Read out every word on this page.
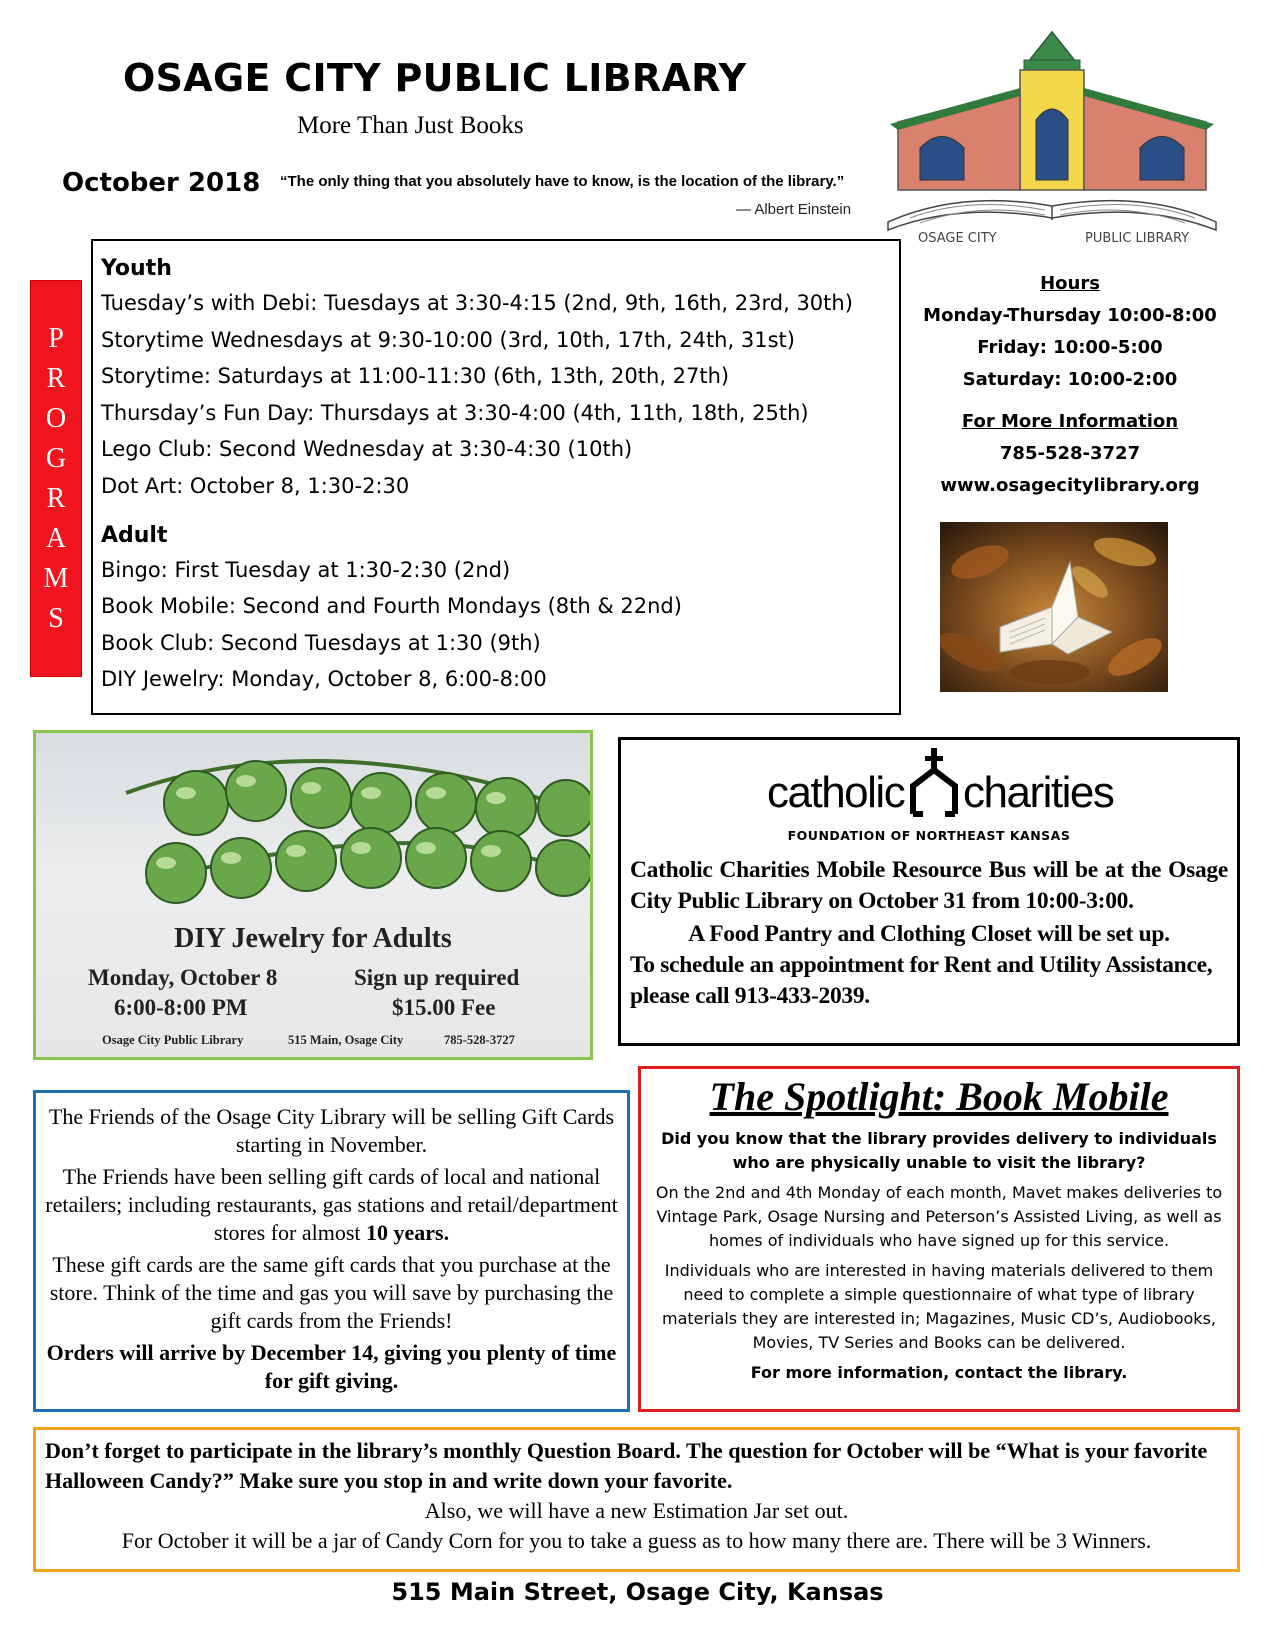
OSAGE CITY PUBLIC LIBRARY
More Than Just Books
October 2018 “The only thing that you absolutely have to know, is the location of the library.”
— Albert Einstein
OSAGE CITY	PUBLIC LIBRARY
P
R
O
G
R
A
M
S
Youth
Tuesday’s with Debi: Tuesdays at 3:30-4:15 (2nd, 9th, 16th, 23rd, 30th)
Storytime Wednesdays at 9:30-10:00 (3rd, 10th, 17th, 24th, 31st)
Storytime: Saturdays at 11:00-11:30 (6th, 13th, 20th, 27th)
Thursday’s Fun Day: Thursdays at 3:30-4:00 (4th, 11th, 18th, 25th)
Lego Club: Second Wednesday at 3:30-4:30 (10th)
Dot Art: October 8, 1:30-2:30
Adult
Bingo: First Tuesday at 1:30-2:30 (2nd)
Book Mobile: Second and Fourth Mondays (8th & 22nd)
Book Club: Second Tuesdays at 1:30 (9th)
DIY Jewelry: Monday, October 8, 6:00-8:00
Hours
Monday-Thursday 10:00-8:00
Friday: 10:00-5:00
Saturday: 10:00-2:00
For More Information
785-528-3727
www.osagecitylibrary.org
DIY Jewelry for Adults
Monday, October 8
6:00-8:00 PM
Sign up required
$15.00 Fee
Osage City Public Library	515 Main, Osage City	785-528-3727
catholic charities
FOUNDATION OF NORTHEAST KANSAS

Catholic Charities Mobile Resource Bus will be at the Osage City Public Library on October 31 from 10:00-3:00.

A Food Pantry and Clothing Closet will be set up.

To schedule an appointment for Rent and Utility Assistance, please call 913-433-2039.

The Friends of the Osage City Library will be selling Gift Cards starting in November.

The Friends have been selling gift cards of local and national retailers; including restaurants, gas stations and retail/department stores for almost 10 years.

These gift cards are the same gift cards that you purchase at the store. Think of the time and gas you will save by purchasing the gift cards from the Friends!

Orders will arrive by December 14, giving you plenty of time for gift giving.

The Spotlight: Book Mobile

Did you know that the library provides delivery to individuals who are physically unable to visit the library?

On the 2nd and 4th Monday of each month, Mavet makes deliveries to Vintage Park, Osage Nursing and Peterson’s Assisted Living, as well as homes of individuals who have signed up for this service.

Individuals who are interested in having materials delivered to them need to complete a simple questionnaire of what type of library materials they are interested in; Magazines, Music CD’s, Audiobooks, Movies, TV Series and Books can be delivered.

For more information, contact the library.

Don’t forget to participate in the library’s monthly Question Board. The question for October will be “What is your favorite Halloween Candy?” Make sure you stop in and write down your favorite.

Also, we will have a new Estimation Jar set out.

For October it will be a jar of Candy Corn for you to take a guess as to how many there are. There will be 3 Winners.

515 Main Street, Osage City, Kansas
